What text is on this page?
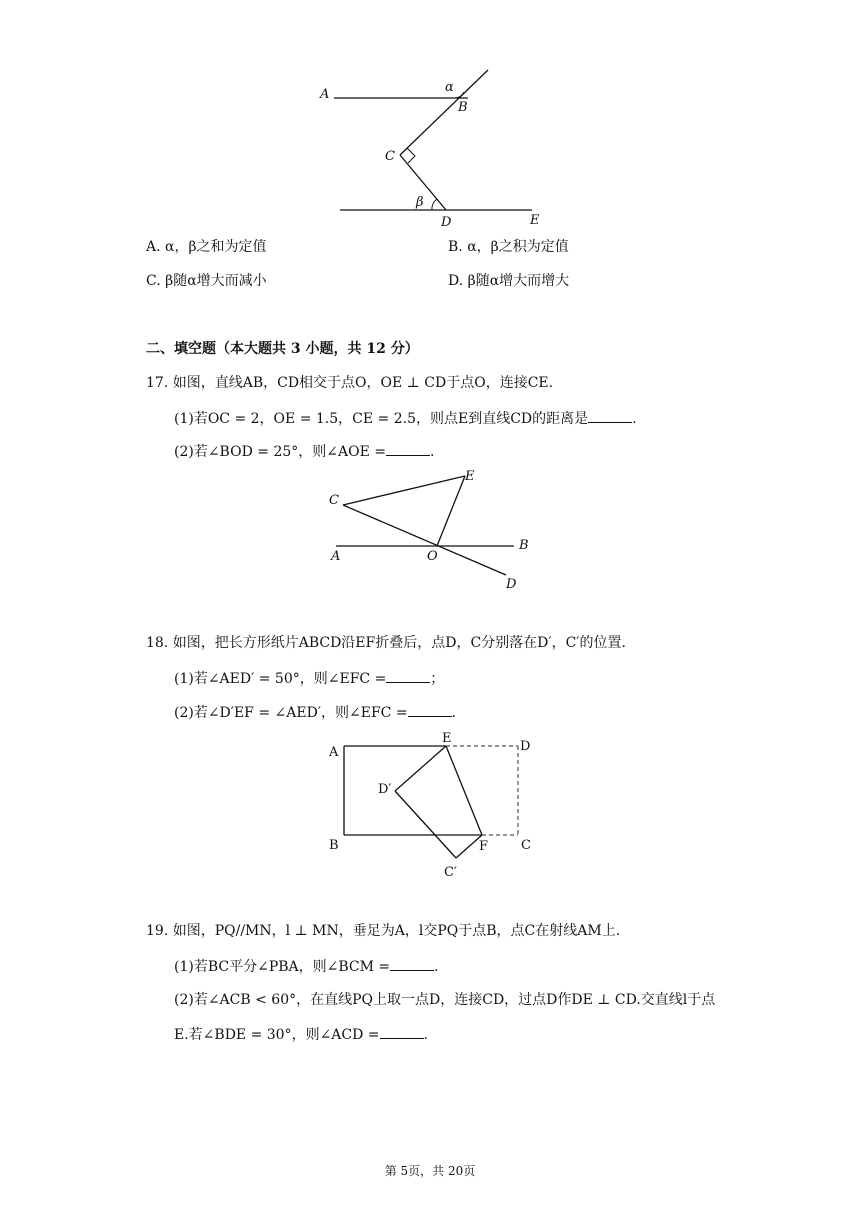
A	α
B
C
β
D	E
A. α，β之和为定值	B. α，β之积为定值
C. β随α增大而减小	D. β随α增大而增大
二、填空题（本大题共 3 小题，共 12 分）
17. 如图，直线AB，CD相交于点O，OE ⊥ CD于点O，连接CE.
(1)若OC = 2，OE = 1.5，CE = 2.5，则点E到直线CD的距离是	.
(2)若∠BOD = 25°，则∠AOE =	.
C
E
A	O
B
D
18. 如图，把长方形纸片ABCD沿EF折叠后，点D，C分别落在D′，C′的位置.
(1)若∠AED′ = 50°，则∠EFC =	；
(2)若∠D′EF = ∠AED′，则∠EFC =	.
A
E
D
D′
B	F	C
C′
19. 如图，PQ//MN，l ⊥ MN，垂足为A，l交PQ于点B，点C在射线AM上.
(1)若BC平分∠PBA，则∠BCM =	.
(2)若∠ACB < 60°，在直线PQ上取一点D，连接CD，过点D作DE ⊥ CD.交直线l于点
E.若∠BDE = 30°，则∠ACD =	.
第 5页，共 20页
